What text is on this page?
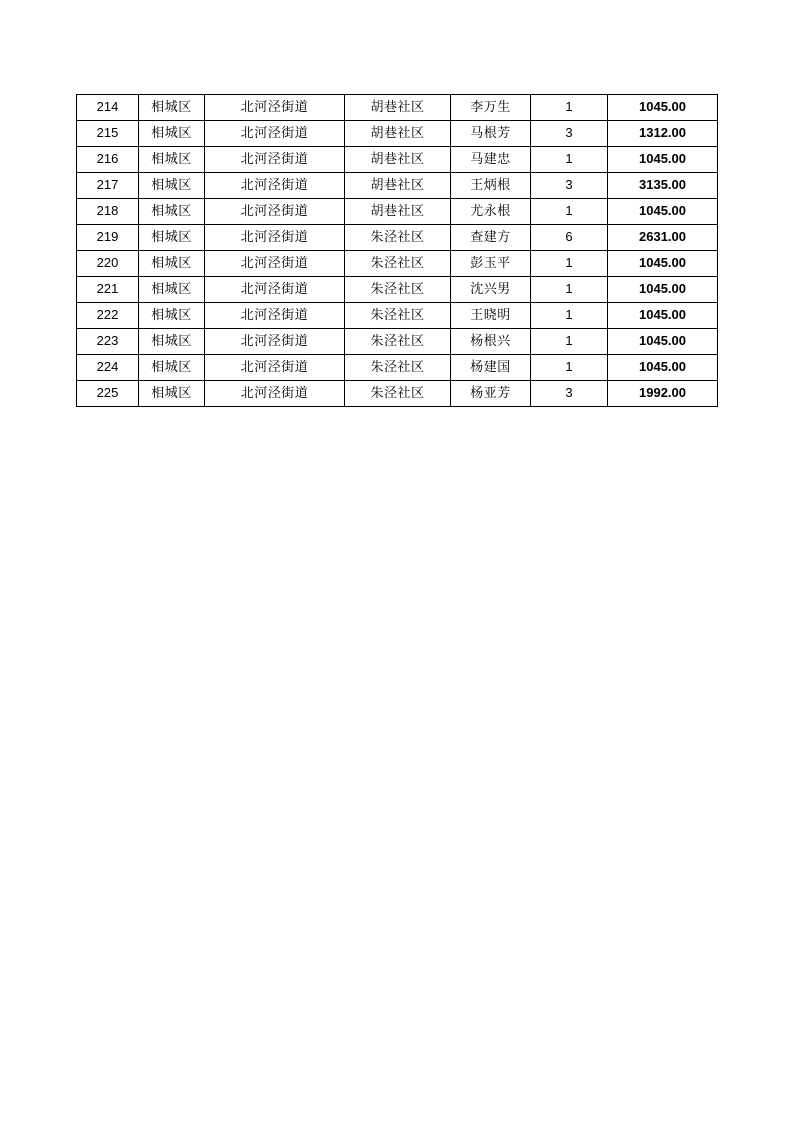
214	相城区	北河泾街道	胡巷社区	李万生	1	1045.00
215	相城区	北河泾街道	胡巷社区	马根芳	3	1312.00
216	相城区	北河泾街道	胡巷社区	马建忠	1	1045.00
217	相城区	北河泾街道	胡巷社区	王炳根	3	3135.00
218	相城区	北河泾街道	胡巷社区	尤永根	1	1045.00
219	相城区	北河泾街道	朱泾社区	查建方	6	2631.00
220	相城区	北河泾街道	朱泾社区	彭玉平	1	1045.00
221	相城区	北河泾街道	朱泾社区	沈兴男	1	1045.00
222	相城区	北河泾街道	朱泾社区	王晓明	1	1045.00
223	相城区	北河泾街道	朱泾社区	杨根兴	1	1045.00
224	相城区	北河泾街道	朱泾社区	杨建国	1	1045.00
225	相城区	北河泾街道	朱泾社区	杨亚芳	3	1992.00
